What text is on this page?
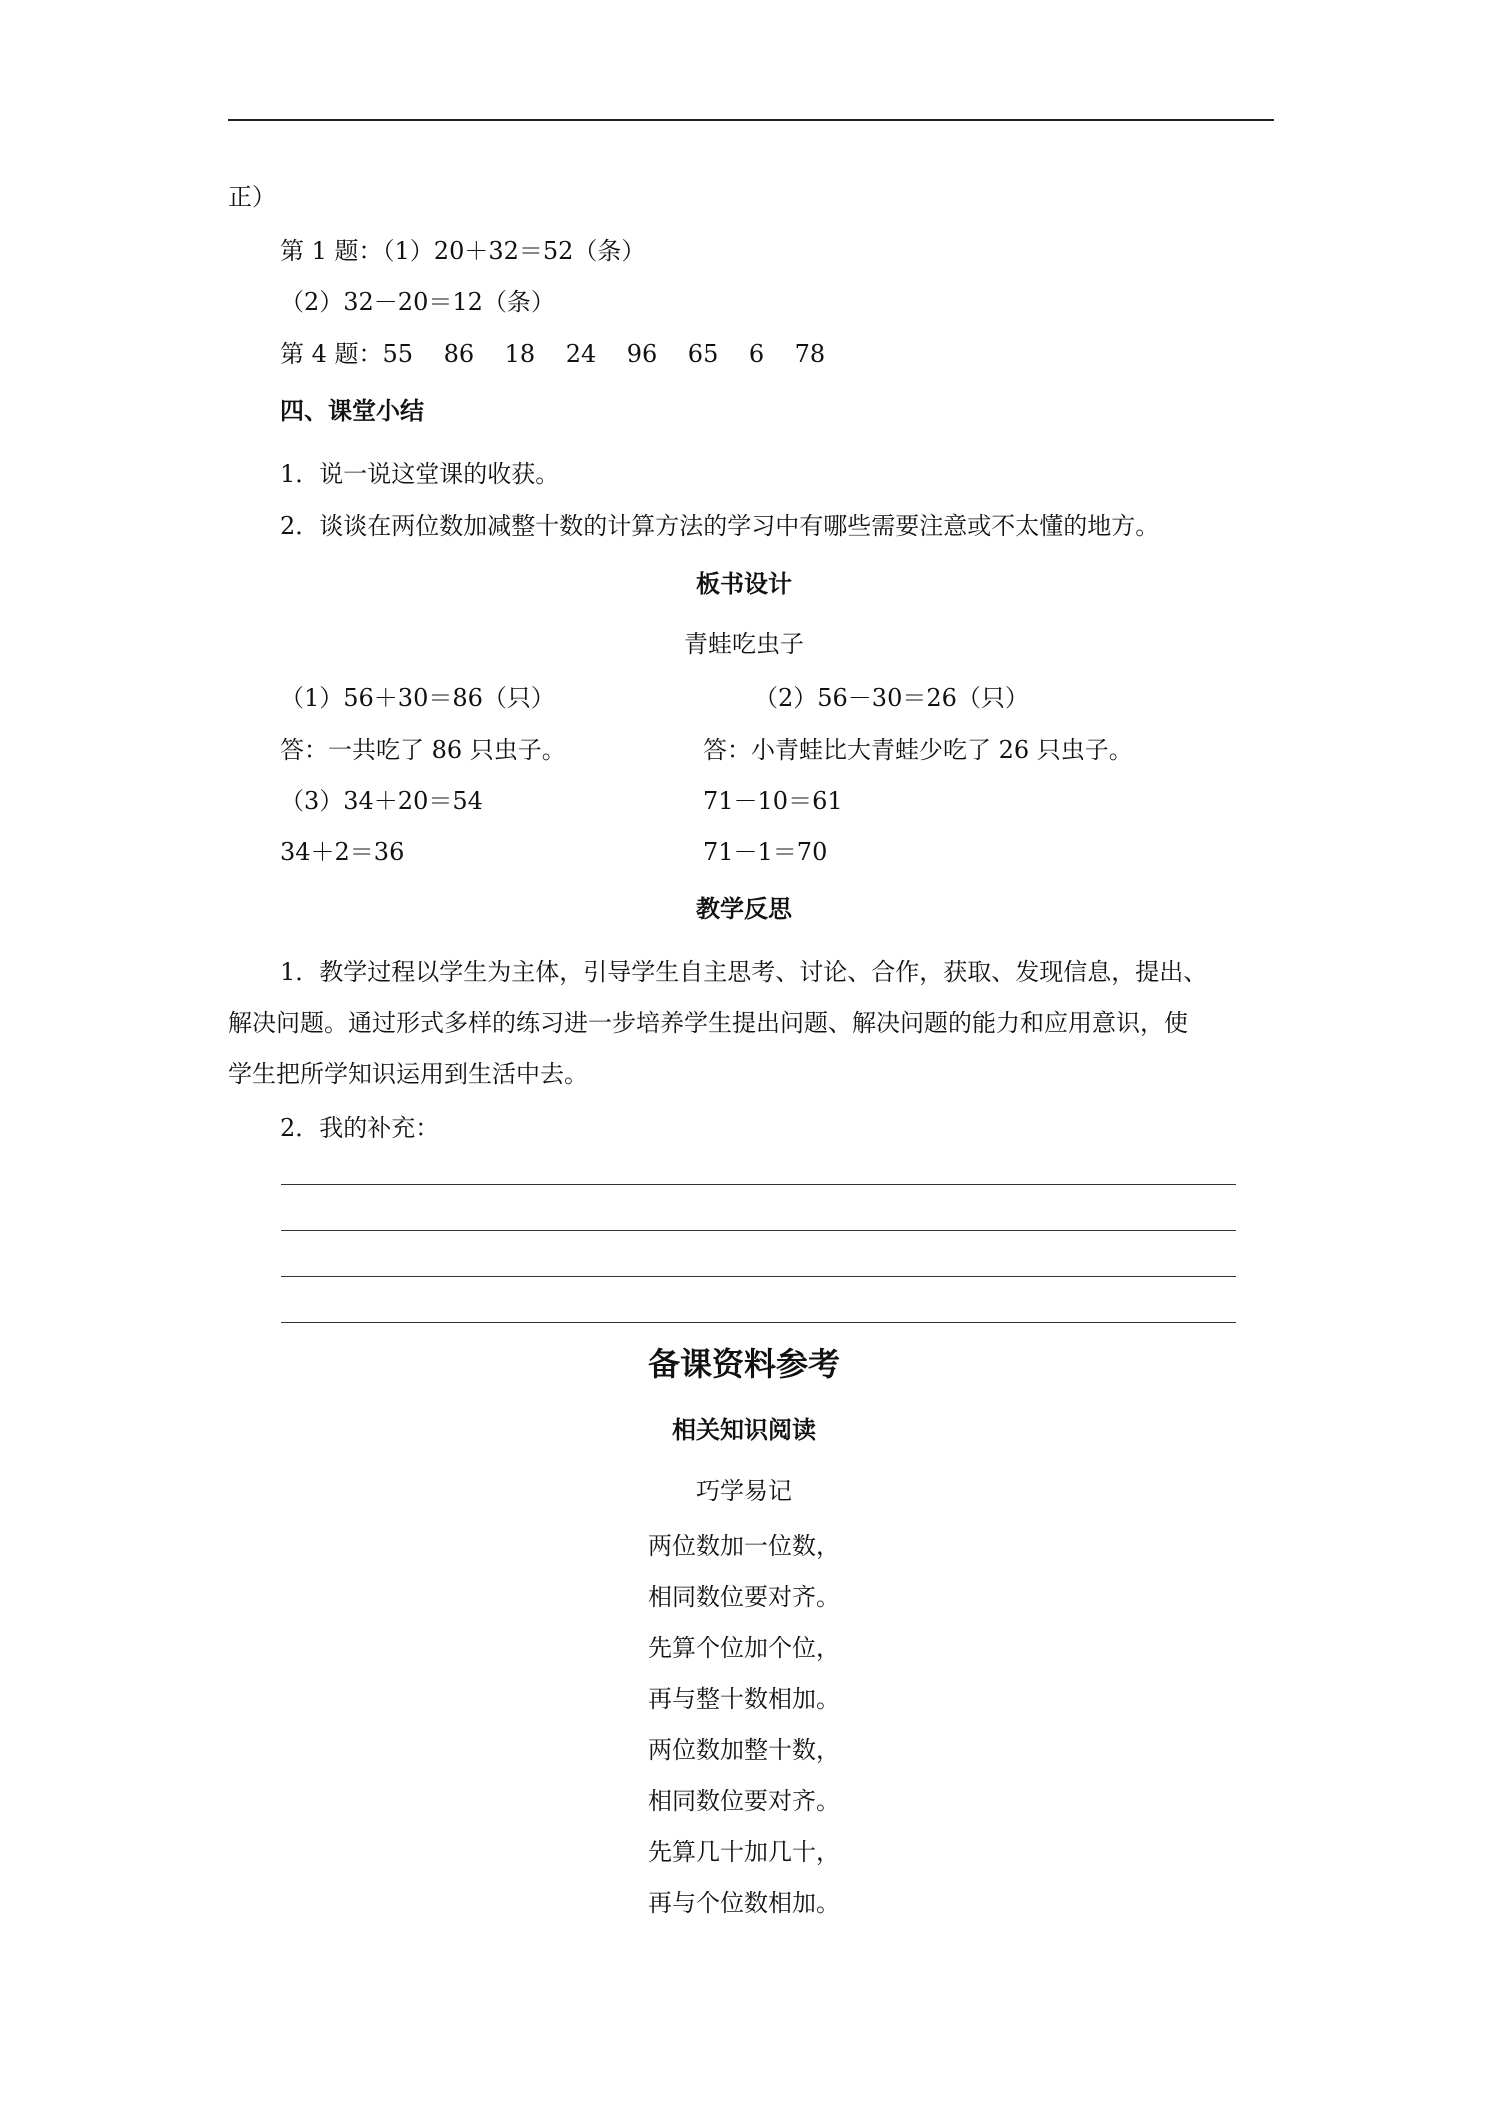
正）
第 1 题：（1）20＋32＝52（条）
（2）32－20＝12（条）
第 4 题：55    86    18    24    96    65    6    78
四、课堂小结
1．说一说这堂课的收获。
2．谈谈在两位数加减整十数的计算方法的学习中有哪些需要注意或不太懂的地方。
板书设计
青蛙吃虫子
（1）56＋30＝86（只）
答：一共吃了 86 只虫子。
（3）34＋20＝54
34＋2＝36
（2）56－30＝26（只）
答：小青蛙比大青蛙少吃了 26 只虫子。
71－10＝61
71－1＝70
教学反思
1．教学过程以学生为主体，引导学生自主思考、讨论、合作，获取、发现信息，提出、
解决问题。通过形式多样的练习进一步培养学生提出问题、解决问题的能力和应用意识，使
学生把所学知识运用到生活中去。
2．我的补充：
备课资料参考
相关知识阅读
巧学易记
两位数加一位数，
相同数位要对齐。
先算个位加个位，
再与整十数相加。
两位数加整十数，
相同数位要对齐。
先算几十加几十，
再与个位数相加。
